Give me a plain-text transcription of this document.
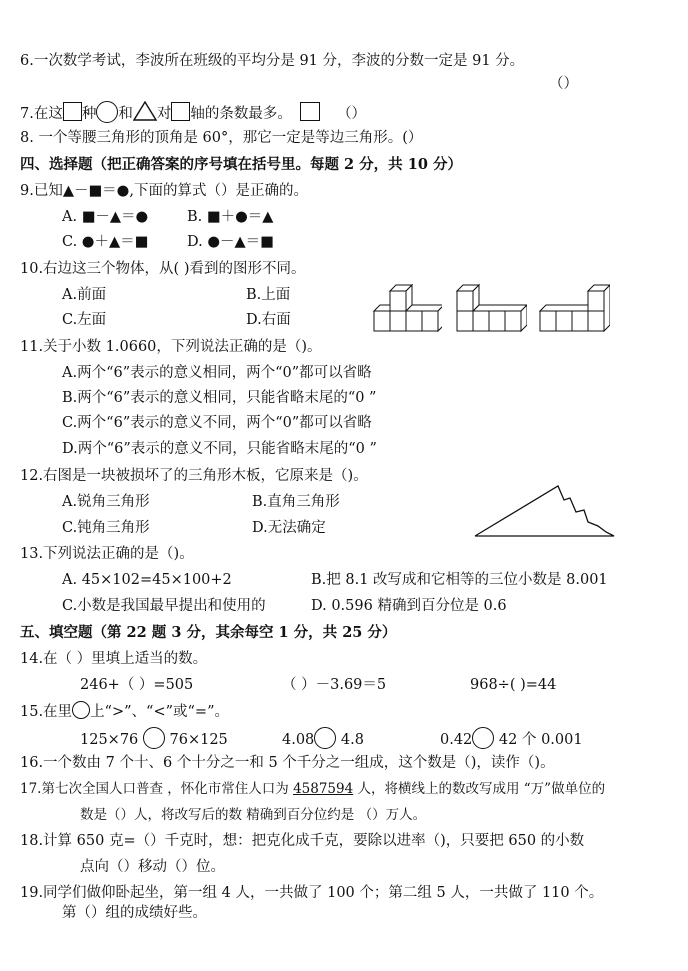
6.一次数学考试，李波所在班级的平均分是 91 分，李波的分数一定是 91 分。
（）
7.在这 种 和 对 轴的条数最多。	（）
8. 一个等腰三角形的顶角是 60°，那它一定是等边三角形。(）
四、选择题（把正确答案的序号填在括号里。每题 2 分，共 10 分）
9.已知▲－■＝●,下面的算式（）是正确的。
A. ■－▲＝●	B. ■＋●＝▲
C. ●＋▲＝■	D. ●－▲＝■
10.右边这三个物体，从( )看到的图形不同。
A.前面	B.上面
C.左面	D.右面
11.关于小数 1.0660，下列说法正确的是（)。
A.两个“6”表示的意义相同，两个“0”都可以省略
B.两个“6”表示的意义相同，只能省略末尾的“0 ”
C.两个“6”表示的意义不同，两个“0”都可以省略
D.两个“6”表示的意义不同，只能省略末尾的“0 ”
12.右图是一块被损坏了的三角形木板，它原来是（)。
A.锐角三角形	B.直角三角形
C.钝角三角形	D.无法确定
13.下列说法正确的是（)。
A. 45×102=45×100+2	B.把 8.1 改写成和它相等的三位小数是 8.001
C.小数是我国最早提出和使用的	D. 0.596 精确到百分位是 0.6
五、填空题（第 22 题 3 分，其余每空 1 分，共 25 分）
14.在（ ）里填上适当的数。
246+（ ）=505	（ ）－3.69＝5	968÷( )=44
15.在里 上“>”、“<”或“=”。
125×76 76×125	4.08 4.8	0.42 42 个 0.001
16.一个数由 7 个十、6 个十分之一和 5 个千分之一组成，这个数是（)，读作（)。
17.第七次全国人口普查 ，怀化市常住人口为 4587594 人，将横线上的数改写成用 “万”做单位的
数是（）人，将改写后的数 精确到百分位约是 （）万人。
18.计算 650 克=（）千克时，想：把克化成千克，要除以进率（)，只要把 650 的小数
点向（）移动（）位。
19.同学们做仰卧起坐，第一组 4 人，一共做了 100 个；第二组 5 人，一共做了 110 个。
第（）组的成绩好些。
